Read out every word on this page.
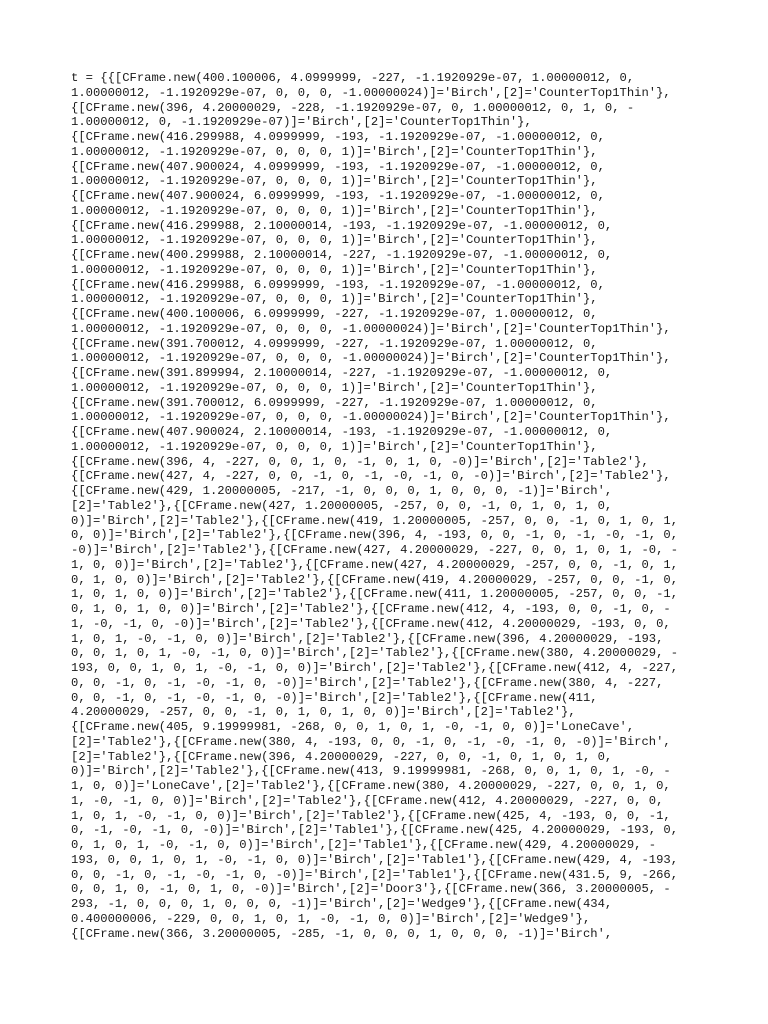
t = {{[CFrame.new(400.100006, 4.0999999, -227, -1.1920929e-07, 1.00000012, 0,
1.00000012, -1.1920929e-07, 0, 0, 0, -1.00000024)]='Birch',[2]='CounterTop1Thin'},
{[CFrame.new(396, 4.20000029, -228, -1.1920929e-07, 0, 1.00000012, 0, 1, 0, -
1.00000012, 0, -1.1920929e-07)]='Birch',[2]='CounterTop1Thin'},
{[CFrame.new(416.299988, 4.0999999, -193, -1.1920929e-07, -1.00000012, 0,
1.00000012, -1.1920929e-07, 0, 0, 0, 1)]='Birch',[2]='CounterTop1Thin'},
{[CFrame.new(407.900024, 4.0999999, -193, -1.1920929e-07, -1.00000012, 0,
1.00000012, -1.1920929e-07, 0, 0, 0, 1)]='Birch',[2]='CounterTop1Thin'},
{[CFrame.new(407.900024, 6.0999999, -193, -1.1920929e-07, -1.00000012, 0,
1.00000012, -1.1920929e-07, 0, 0, 0, 1)]='Birch',[2]='CounterTop1Thin'},
{[CFrame.new(416.299988, 2.10000014, -193, -1.1920929e-07, -1.00000012, 0,
1.00000012, -1.1920929e-07, 0, 0, 0, 1)]='Birch',[2]='CounterTop1Thin'},
{[CFrame.new(400.299988, 2.10000014, -227, -1.1920929e-07, -1.00000012, 0,
1.00000012, -1.1920929e-07, 0, 0, 0, 1)]='Birch',[2]='CounterTop1Thin'},
{[CFrame.new(416.299988, 6.0999999, -193, -1.1920929e-07, -1.00000012, 0,
1.00000012, -1.1920929e-07, 0, 0, 0, 1)]='Birch',[2]='CounterTop1Thin'},
{[CFrame.new(400.100006, 6.0999999, -227, -1.1920929e-07, 1.00000012, 0,
1.00000012, -1.1920929e-07, 0, 0, 0, -1.00000024)]='Birch',[2]='CounterTop1Thin'},
{[CFrame.new(391.700012, 4.0999999, -227, -1.1920929e-07, 1.00000012, 0,
1.00000012, -1.1920929e-07, 0, 0, 0, -1.00000024)]='Birch',[2]='CounterTop1Thin'},
{[CFrame.new(391.899994, 2.10000014, -227, -1.1920929e-07, -1.00000012, 0,
1.00000012, -1.1920929e-07, 0, 0, 0, 1)]='Birch',[2]='CounterTop1Thin'},
{[CFrame.new(391.700012, 6.0999999, -227, -1.1920929e-07, 1.00000012, 0,
1.00000012, -1.1920929e-07, 0, 0, 0, -1.00000024)]='Birch',[2]='CounterTop1Thin'},
{[CFrame.new(407.900024, 2.10000014, -193, -1.1920929e-07, -1.00000012, 0,
1.00000012, -1.1920929e-07, 0, 0, 0, 1)]='Birch',[2]='CounterTop1Thin'},
{[CFrame.new(396, 4, -227, 0, 0, 1, 0, -1, 0, 1, 0, -0)]='Birch',[2]='Table2'},
{[CFrame.new(427, 4, -227, 0, 0, -1, 0, -1, -0, -1, 0, -0)]='Birch',[2]='Table2'},
{[CFrame.new(429, 1.20000005, -217, -1, 0, 0, 0, 1, 0, 0, 0, -1)]='Birch',
[2]='Table2'},{[CFrame.new(427, 1.20000005, -257, 0, 0, -1, 0, 1, 0, 1, 0,
0)]='Birch',[2]='Table2'},{[CFrame.new(419, 1.20000005, -257, 0, 0, -1, 0, 1, 0, 1,
0, 0)]='Birch',[2]='Table2'},{[CFrame.new(396, 4, -193, 0, 0, -1, 0, -1, -0, -1, 0,
-0)]='Birch',[2]='Table2'},{[CFrame.new(427, 4.20000029, -227, 0, 0, 1, 0, 1, -0, -
1, 0, 0)]='Birch',[2]='Table2'},{[CFrame.new(427, 4.20000029, -257, 0, 0, -1, 0, 1,
0, 1, 0, 0)]='Birch',[2]='Table2'},{[CFrame.new(419, 4.20000029, -257, 0, 0, -1, 0,
1, 0, 1, 0, 0)]='Birch',[2]='Table2'},{[CFrame.new(411, 1.20000005, -257, 0, 0, -1,
0, 1, 0, 1, 0, 0)]='Birch',[2]='Table2'},{[CFrame.new(412, 4, -193, 0, 0, -1, 0, -
1, -0, -1, 0, -0)]='Birch',[2]='Table2'},{[CFrame.new(412, 4.20000029, -193, 0, 0,
1, 0, 1, -0, -1, 0, 0)]='Birch',[2]='Table2'},{[CFrame.new(396, 4.20000029, -193,
0, 0, 1, 0, 1, -0, -1, 0, 0)]='Birch',[2]='Table2'},{[CFrame.new(380, 4.20000029, -
193, 0, 0, 1, 0, 1, -0, -1, 0, 0)]='Birch',[2]='Table2'},{[CFrame.new(412, 4, -227,
0, 0, -1, 0, -1, -0, -1, 0, -0)]='Birch',[2]='Table2'},{[CFrame.new(380, 4, -227,
0, 0, -1, 0, -1, -0, -1, 0, -0)]='Birch',[2]='Table2'},{[CFrame.new(411,
4.20000029, -257, 0, 0, -1, 0, 1, 0, 1, 0, 0)]='Birch',[2]='Table2'},
{[CFrame.new(405, 9.19999981, -268, 0, 0, 1, 0, 1, -0, -1, 0, 0)]='LoneCave',
[2]='Table2'},{[CFrame.new(380, 4, -193, 0, 0, -1, 0, -1, -0, -1, 0, -0)]='Birch',
[2]='Table2'},{[CFrame.new(396, 4.20000029, -227, 0, 0, -1, 0, 1, 0, 1, 0,
0)]='Birch',[2]='Table2'},{[CFrame.new(413, 9.19999981, -268, 0, 0, 1, 0, 1, -0, -
1, 0, 0)]='LoneCave',[2]='Table2'},{[CFrame.new(380, 4.20000029, -227, 0, 0, 1, 0,
1, -0, -1, 0, 0)]='Birch',[2]='Table2'},{[CFrame.new(412, 4.20000029, -227, 0, 0,
1, 0, 1, -0, -1, 0, 0)]='Birch',[2]='Table2'},{[CFrame.new(425, 4, -193, 0, 0, -1,
0, -1, -0, -1, 0, -0)]='Birch',[2]='Table1'},{[CFrame.new(425, 4.20000029, -193, 0,
0, 1, 0, 1, -0, -1, 0, 0)]='Birch',[2]='Table1'},{[CFrame.new(429, 4.20000029, -
193, 0, 0, 1, 0, 1, -0, -1, 0, 0)]='Birch',[2]='Table1'},{[CFrame.new(429, 4, -193,
0, 0, -1, 0, -1, -0, -1, 0, -0)]='Birch',[2]='Table1'},{[CFrame.new(431.5, 9, -266,
0, 0, 1, 0, -1, 0, 1, 0, -0)]='Birch',[2]='Door3'},{[CFrame.new(366, 3.20000005, -
293, -1, 0, 0, 0, 1, 0, 0, 0, -1)]='Birch',[2]='Wedge9'},{[CFrame.new(434,
0.400000006, -229, 0, 0, 1, 0, 1, -0, -1, 0, 0)]='Birch',[2]='Wedge9'},
{[CFrame.new(366, 3.20000005, -285, -1, 0, 0, 0, 1, 0, 0, 0, -1)]='Birch',
